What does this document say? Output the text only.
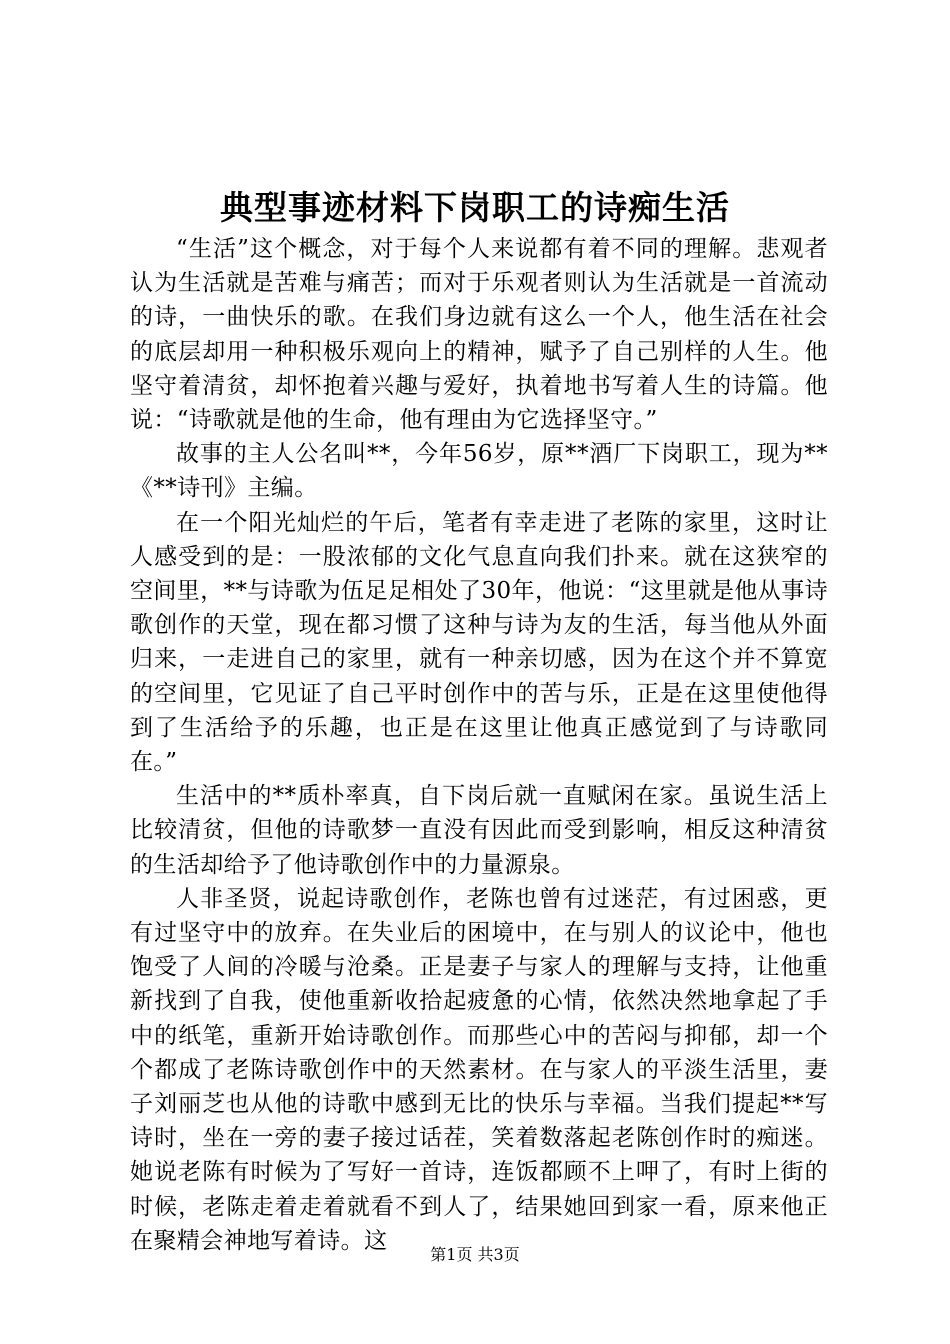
典型事迹材料下岗职工的诗痴生活

“生活”这个概念，对于每个人来说都有着不同的理解。悲观者认为生活就是苦难与痛苦；而对于乐观者则认为生活就是一首流动的诗，一曲快乐的歌。在我们身边就有这么一个人，他生活在社会的底层却用一种积极乐观向上的精神，赋予了自己别样的人生。他坚守着清贫，却怀抱着兴趣与爱好，执着地书写着人生的诗篇。他说：“诗歌就是他的生命，他有理由为它选择坚守。”

故事的主人公名叫**，今年56岁，原**酒厂下岗职工，现为**《**诗刊》主编。

在一个阳光灿烂的午后，笔者有幸走进了老陈的家里，这时让人感受到的是：一股浓郁的文化气息直向我们扑来。就在这狭窄的空间里，**与诗歌为伍足足相处了30年，他说：“这里就是他从事诗歌创作的天堂，现在都习惯了这种与诗为友的生活，每当他从外面归来，一走进自己的家里，就有一种亲切感，因为在这个并不算宽的空间里，它见证了自己平时创作中的苦与乐，正是在这里使他得到了生活给予的乐趣，也正是在这里让他真正感觉到了与诗歌同在。”

生活中的**质朴率真，自下岗后就一直赋闲在家。虽说生活上比较清贫，但他的诗歌梦一直没有因此而受到影响，相反这种清贫的生活却给予了他诗歌创作中的力量源泉。

人非圣贤，说起诗歌创作，老陈也曾有过迷茫，有过困惑，更有过坚守中的放弃。在失业后的困境中，在与别人的议论中，他也饱受了人间的冷暖与沧桑。正是妻子与家人的理解与支持，让他重新找到了自我，使他重新收拾起疲惫的心情，依然决然地拿起了手中的纸笔，重新开始诗歌创作。而那些心中的苦闷与抑郁，却一个个都成了老陈诗歌创作中的天然素材。在与家人的平淡生活里，妻子刘丽芝也从他的诗歌中感到无比的快乐与幸福。当我们提起**写诗时，坐在一旁的妻子接过话茬，笑着数落起老陈创作时的痴迷。她说老陈有时候为了写好一首诗，连饭都顾不上呷了，有时上街的时候，老陈走着走着就看不到人了，结果她回到家一看，原来他正在聚精会神地写着诗。这

第1页 共3页
